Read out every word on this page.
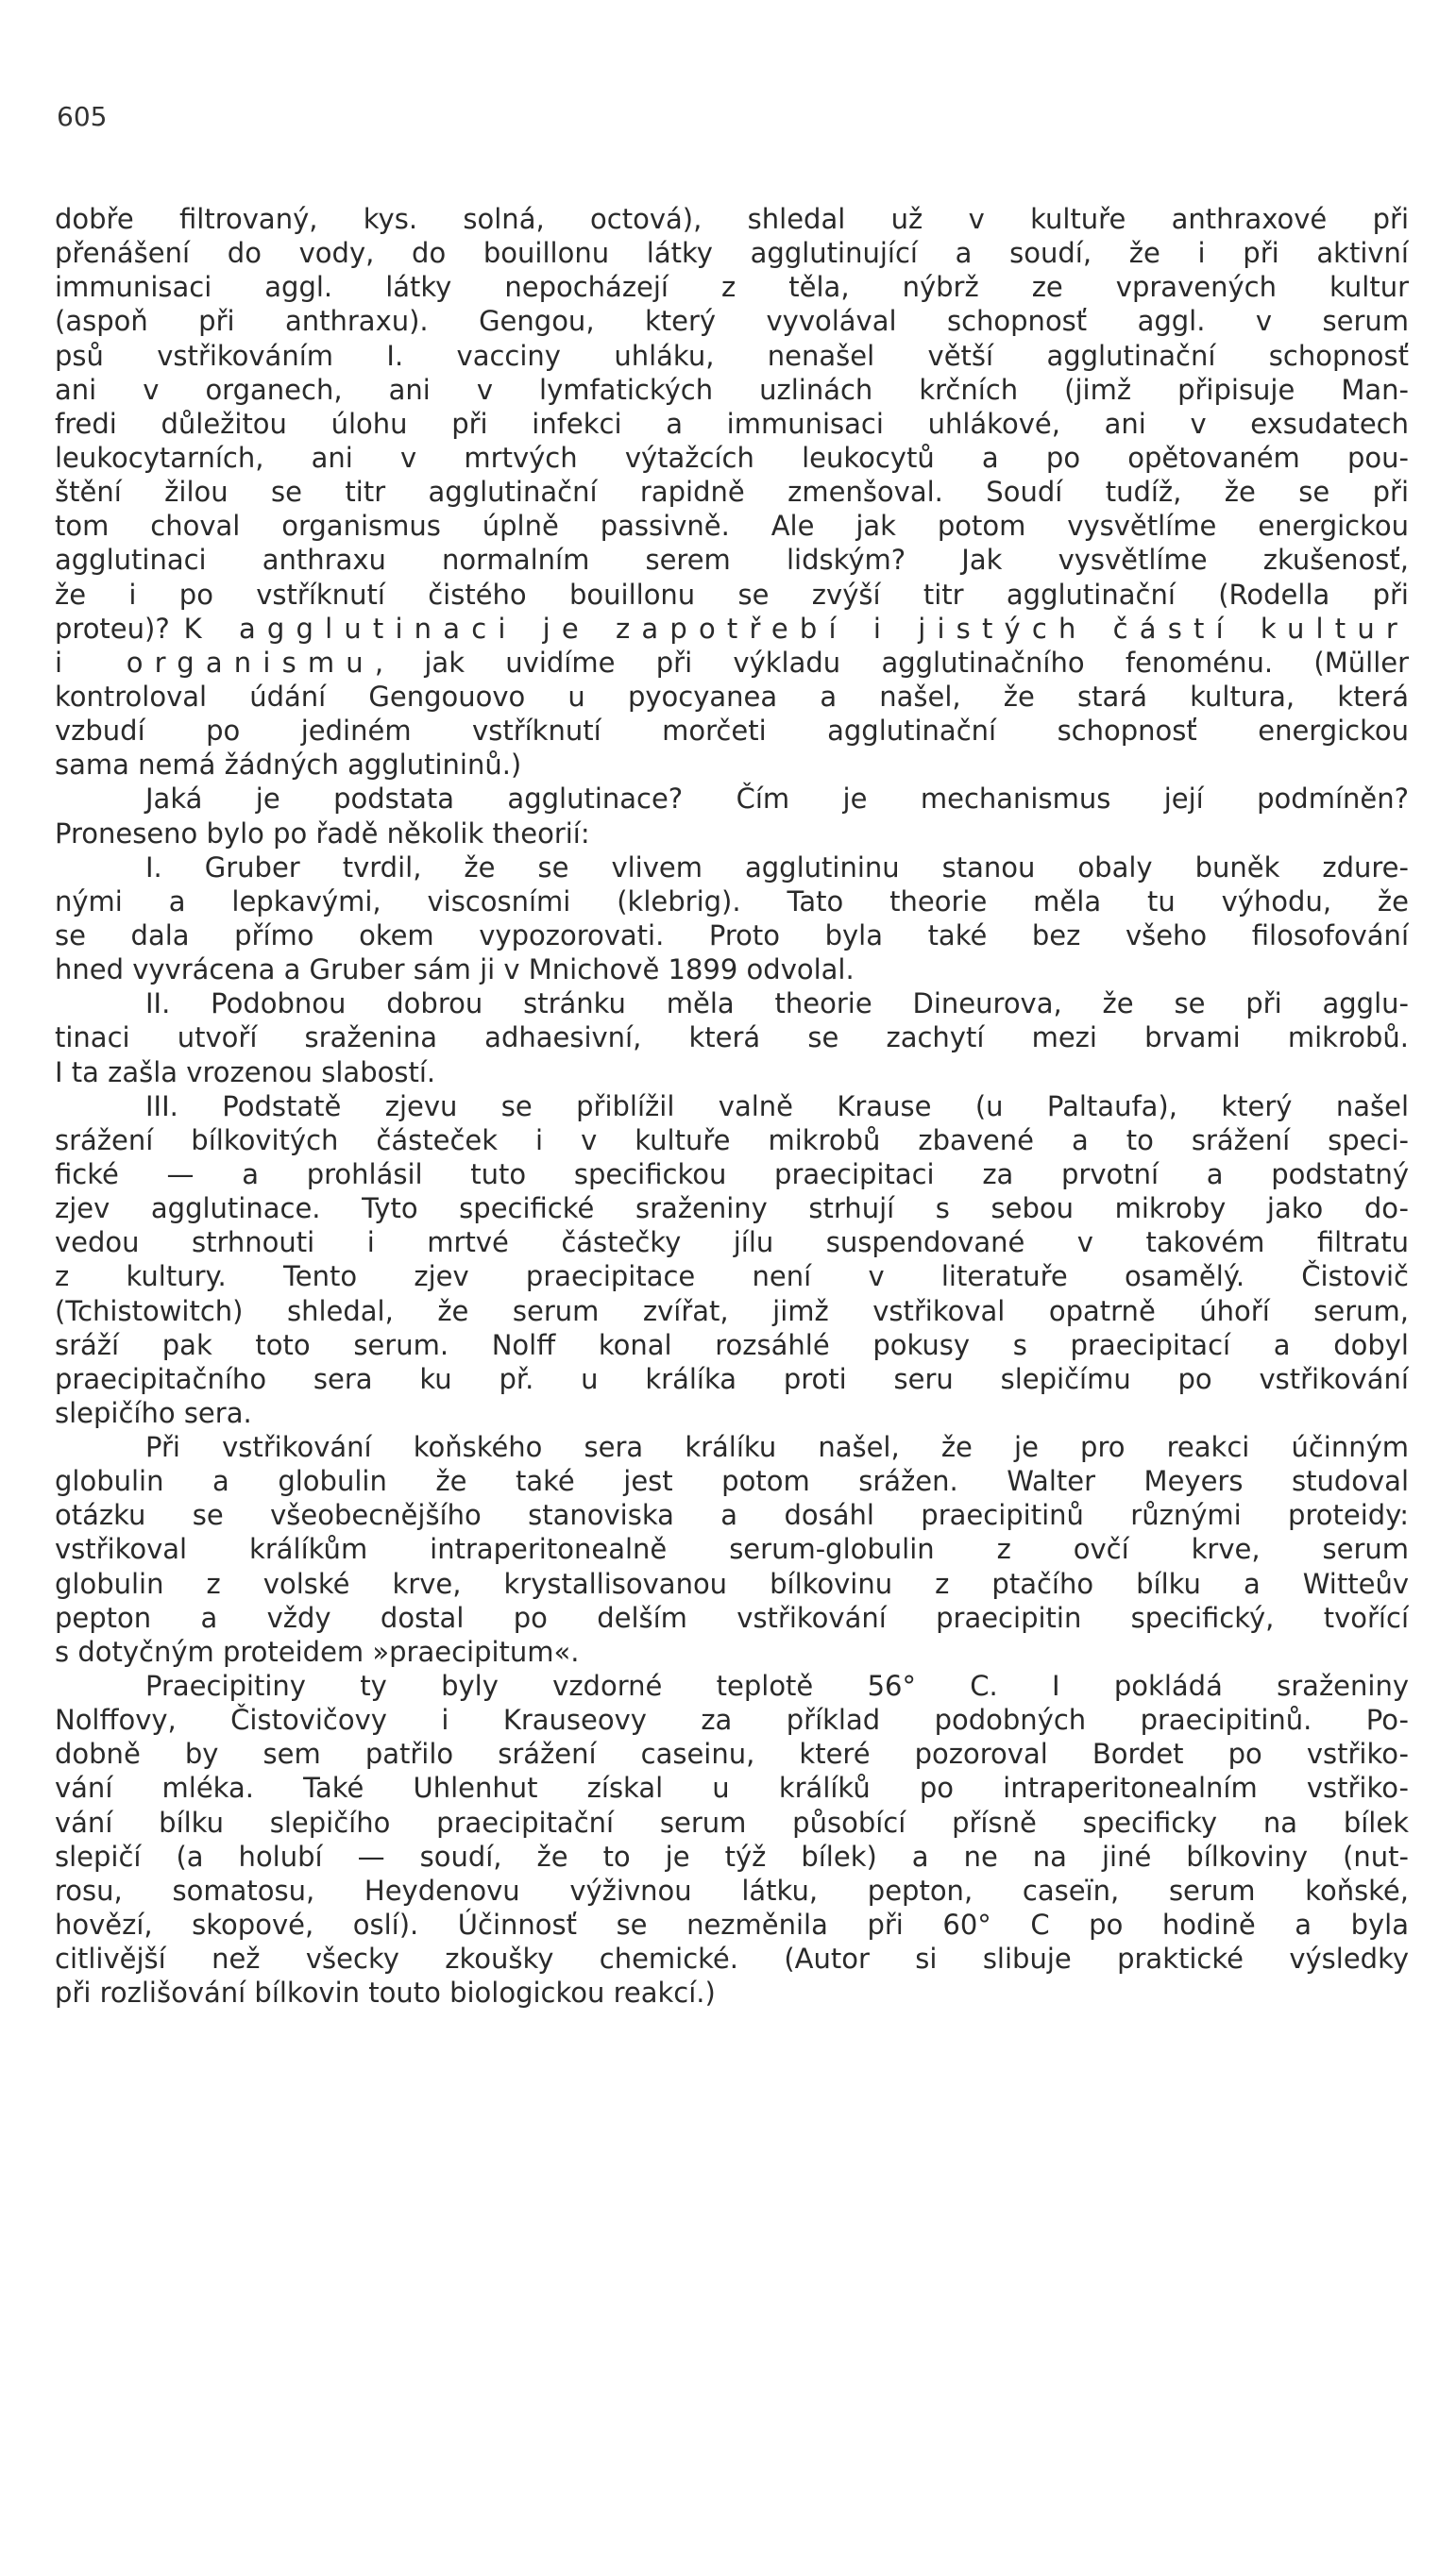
605
dobře filtrovaný, kys. solná, octová), shledal už v kultuře anthraxové při
přenášení do vody, do bouillonu látky agglutinující a soudí, že i při aktivní
immunisaci aggl. látky nepocházejí z těla, nýbrž ze vpravených kultur
(aspoň při anthraxu). Gengou, který vyvolával schopnosť aggl. v serum
psů vstřikováním I. vacciny uhláku, nenašel větší agglutinační schopnosť
ani v organech, ani v lymfatických uzlinách krčních (jimž připisuje Man-
fredi důležitou úlohu při infekci a immunisaci uhlákové, ani v exsudatech
leukocytarních, ani v mrtvých výtažcích leukocytů a po opětovaném pou-
štění žilou se titr agglutinační rapidně zmenšoval. Soudí tudíž, že se při
tom choval organismus úplně passivně. Ale jak potom vysvětlíme energickou
agglutinaci anthraxu normalním serem lidským? Jak vysvětlíme zkušenosť,
že i po vstříknutí čistého bouillonu se zvýší titr agglutinační (Rodella při
proteu)? K agglutinaci je zapotřebí i jistých částí kultur
i organismu, jak uvidíme při výkladu agglutinačního fenoménu. (Müller
kontroloval údání Gengouovo u pyocyanea a našel, že stará kultura, která
vzbudí po jediném vstříknutí morčeti agglutinační schopnosť energickou
sama nemá žádných agglutininů.)
Jaká je podstata agglutinace? Čím je mechanismus její podmíněn?
Proneseno bylo po řadě několik theorií:
I. Gruber tvrdil, že se vlivem agglutininu stanou obaly buněk zdure-
nými a lepkavými, viscosními (klebrig). Tato theorie měla tu výhodu, že
se dala přímo okem vypozorovati. Proto byla také bez všeho filosofování
hned vyvrácena a Gruber sám ji v Mnichově 1899 odvolal.
II. Podobnou dobrou stránku měla theorie Dineurova, že se při agglu-
tinaci utvoří sraženina adhaesivní, která se zachytí mezi brvami mikrobů.
I ta zašla vrozenou slabostí.
III. Podstatě zjevu se přiblížil valně Krause (u Paltaufa), který našel
srážení bílkovitých částeček i v kultuře mikrobů zbavené a to srážení speci-
fické — a prohlásil tuto specifickou praecipitaci za prvotní a podstatný
zjev agglutinace. Tyto specifické sraženiny strhují s sebou mikroby jako do-
vedou strhnouti i mrtvé částečky jílu suspendované v takovém filtratu
z kultury. Tento zjev praecipitace není v literatuře osamělý. Čistovič
(Tchistowitch) shledal, že serum zvířat, jimž vstřikoval opatrně úhoří serum,
sráží pak toto serum. Nolff konal rozsáhlé pokusy s praecipitací a dobyl
praecipitačního sera ku př. u králíka proti seru slepičímu po vstřikování
slepičího sera.
Při vstřikování koňského sera králíku našel, že je pro reakci účinným
globulin a globulin že také jest potom srážen. Walter Meyers studoval
otázku se všeobecnějšího stanoviska a dosáhl praecipitinů různými proteidy:
vstřikoval králíkům intraperitonealně serum-globulin z ovčí krve, serum
globulin z volské krve, krystallisovanou bílkovinu z ptačího bílku a Witteův
pepton a vždy dostal po delším vstřikování praecipitin specifický, tvořící
s dotyčným proteidem »praecipitum«.
Praecipitiny ty byly vzdorné teplotě 56° C. I pokládá sraženiny
Nolffovy, Čistovičovy i Krauseovy za příklad podobných praecipitinů. Po-
dobně by sem patřilo srážení caseinu, které pozoroval Bordet po vstřiko-
vání mléka. Také Uhlenhut získal u králíků po intraperitonealním vstřiko-
vání bílku slepičího praecipitační serum působící přísně specificky na bílek
slepičí (a holubí — soudí, že to je týž bílek) a ne na jiné bílkoviny (nut-
rosu, somatosu, Heydenovu výživnou látku, pepton, caseïn, serum koňské,
hovězí, skopové, oslí). Účinnosť se nezměnila při 60° C po hodině a byla
citlivější než všecky zkoušky chemické. (Autor si slibuje praktické výsledky
při rozlišování bílkovin touto biologickou reakcí.)
